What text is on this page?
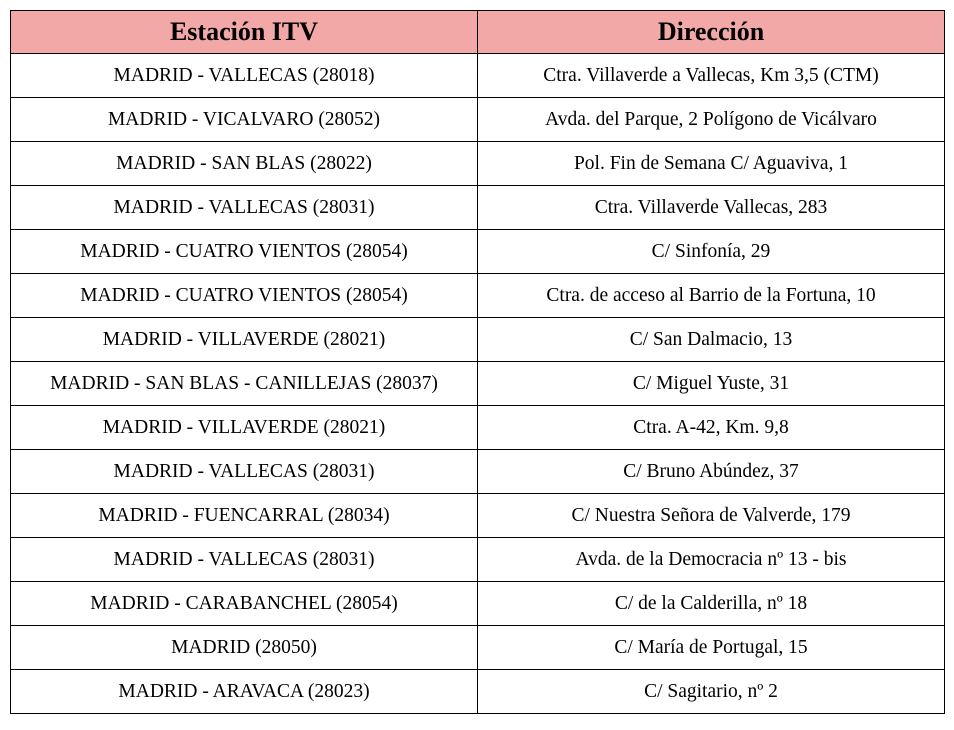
Estación ITV	Dirección
MADRID - VALLECAS (28018)	Ctra. Villaverde a Vallecas, Km 3,5 (CTM)
MADRID - VICALVARO (28052)	Avda. del Parque, 2 Polígono de Vicálvaro
MADRID - SAN BLAS (28022)	Pol. Fin de Semana C/ Aguaviva, 1
MADRID - VALLECAS (28031)	Ctra. Villaverde Vallecas, 283
MADRID - CUATRO VIENTOS (28054)	C/ Sinfonía, 29
MADRID - CUATRO VIENTOS (28054)	Ctra. de acceso al Barrio de la Fortuna, 10
MADRID - VILLAVERDE (28021)	C/ San Dalmacio, 13
MADRID - SAN BLAS - CANILLEJAS (28037)	C/ Miguel Yuste, 31
MADRID - VILLAVERDE (28021)	Ctra. A-42, Km. 9,8
MADRID - VALLECAS (28031)	C/ Bruno Abúndez, 37
MADRID - FUENCARRAL (28034)	C/ Nuestra Señora de Valverde, 179
MADRID - VALLECAS (28031)	Avda. de la Democracia nº 13 - bis
MADRID - CARABANCHEL (28054)	C/ de la Calderilla, nº 18
MADRID (28050)	C/ María de Portugal, 15
MADRID - ARAVACA (28023)	C/ Sagitario, nº 2
